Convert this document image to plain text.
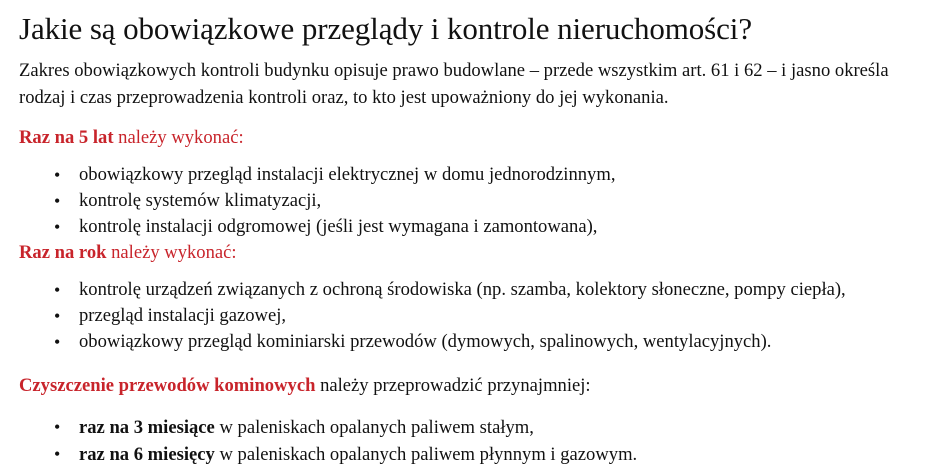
Jakie są obowiązkowe przeglądy i kontrole nieruchomości?

Zakres obowiązkowych kontroli budynku opisuje prawo budowlane – przede wszystkim art. 61 i 62 – i jasno określa rodzaj i czas przeprowadzenia kontroli oraz, to kto jest upoważniony do jej wykonania.

Raz na 5 lat należy wykonać:

• obowiązkowy przegląd instalacji elektrycznej w domu jednorodzinnym,
• kontrolę systemów klimatyzacji,
• kontrolę instalacji odgromowej (jeśli jest wymagana i zamontowana),

Raz na rok należy wykonać:

• kontrolę urządzeń związanych z ochroną środowiska (np. szamba, kolektory słoneczne, pompy ciepła),
• przegląd instalacji gazowej,
• obowiązkowy przegląd kominiarski przewodów (dymowych, spalinowych, wentylacyjnych).

Czyszczenie przewodów kominowych należy przeprowadzić przynajmniej:

• raz na 3 miesiące w paleniskach opalanych paliwem stałym,
• raz na 6 miesięcy w paleniskach opalanych paliwem płynnym i gazowym.
